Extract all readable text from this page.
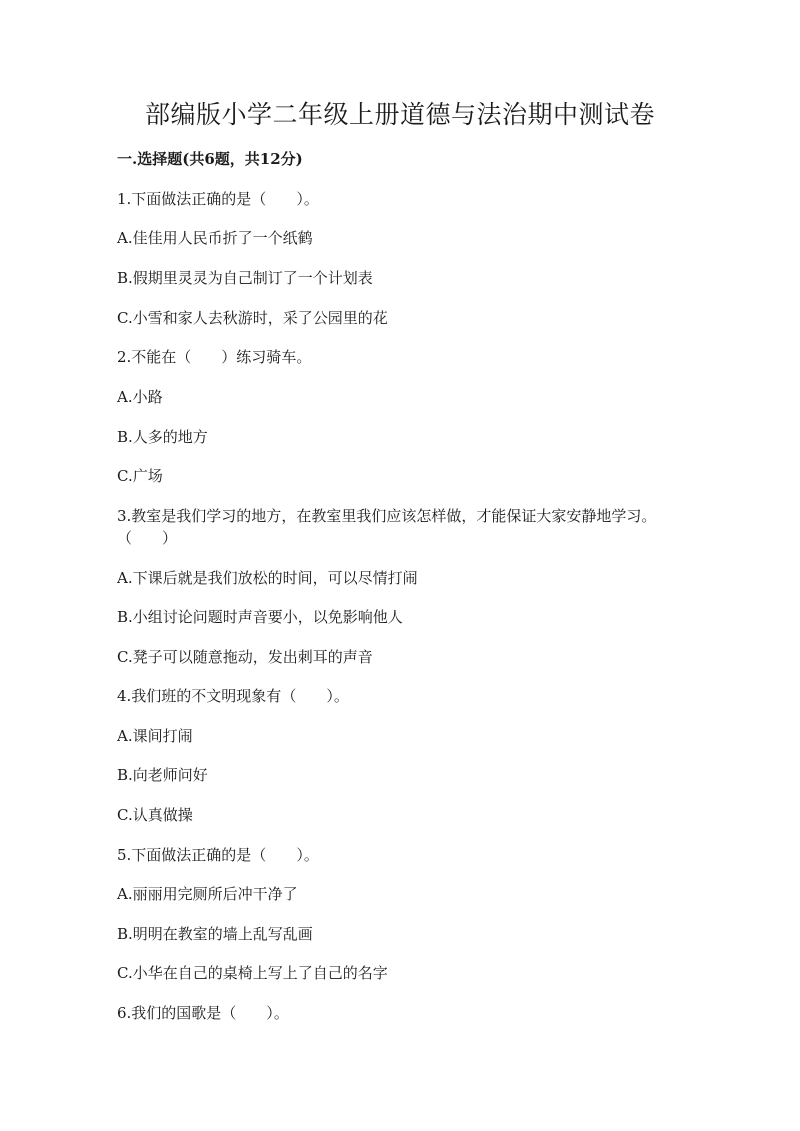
部编版小学二年级上册道德与法治期中测试卷
一.选择题(共6题，共12分)

1.下面做法正确的是（　　）。

A.佳佳用人民币折了一个纸鹤

B.假期里灵灵为自己制订了一个计划表

C.小雪和家人去秋游时，采了公园里的花

2.不能在（　　）练习骑车。

A.小路

B.人多的地方

C.广场

3.教室是我们学习的地方，在教室里我们应该怎样做，才能保证大家安静地学习。（　　）

A.下课后就是我们放松的时间，可以尽情打闹

B.小组讨论问题时声音要小，以免影响他人

C.凳子可以随意拖动，发出刺耳的声音

4.我们班的不文明现象有（　　）。

A.课间打闹

B.向老师问好

C.认真做操

5.下面做法正确的是（　　）。

A.丽丽用完厕所后冲干净了

B.明明在教室的墙上乱写乱画

C.小华在自己的桌椅上写上了自己的名字

6.我们的国歌是（　　）。
